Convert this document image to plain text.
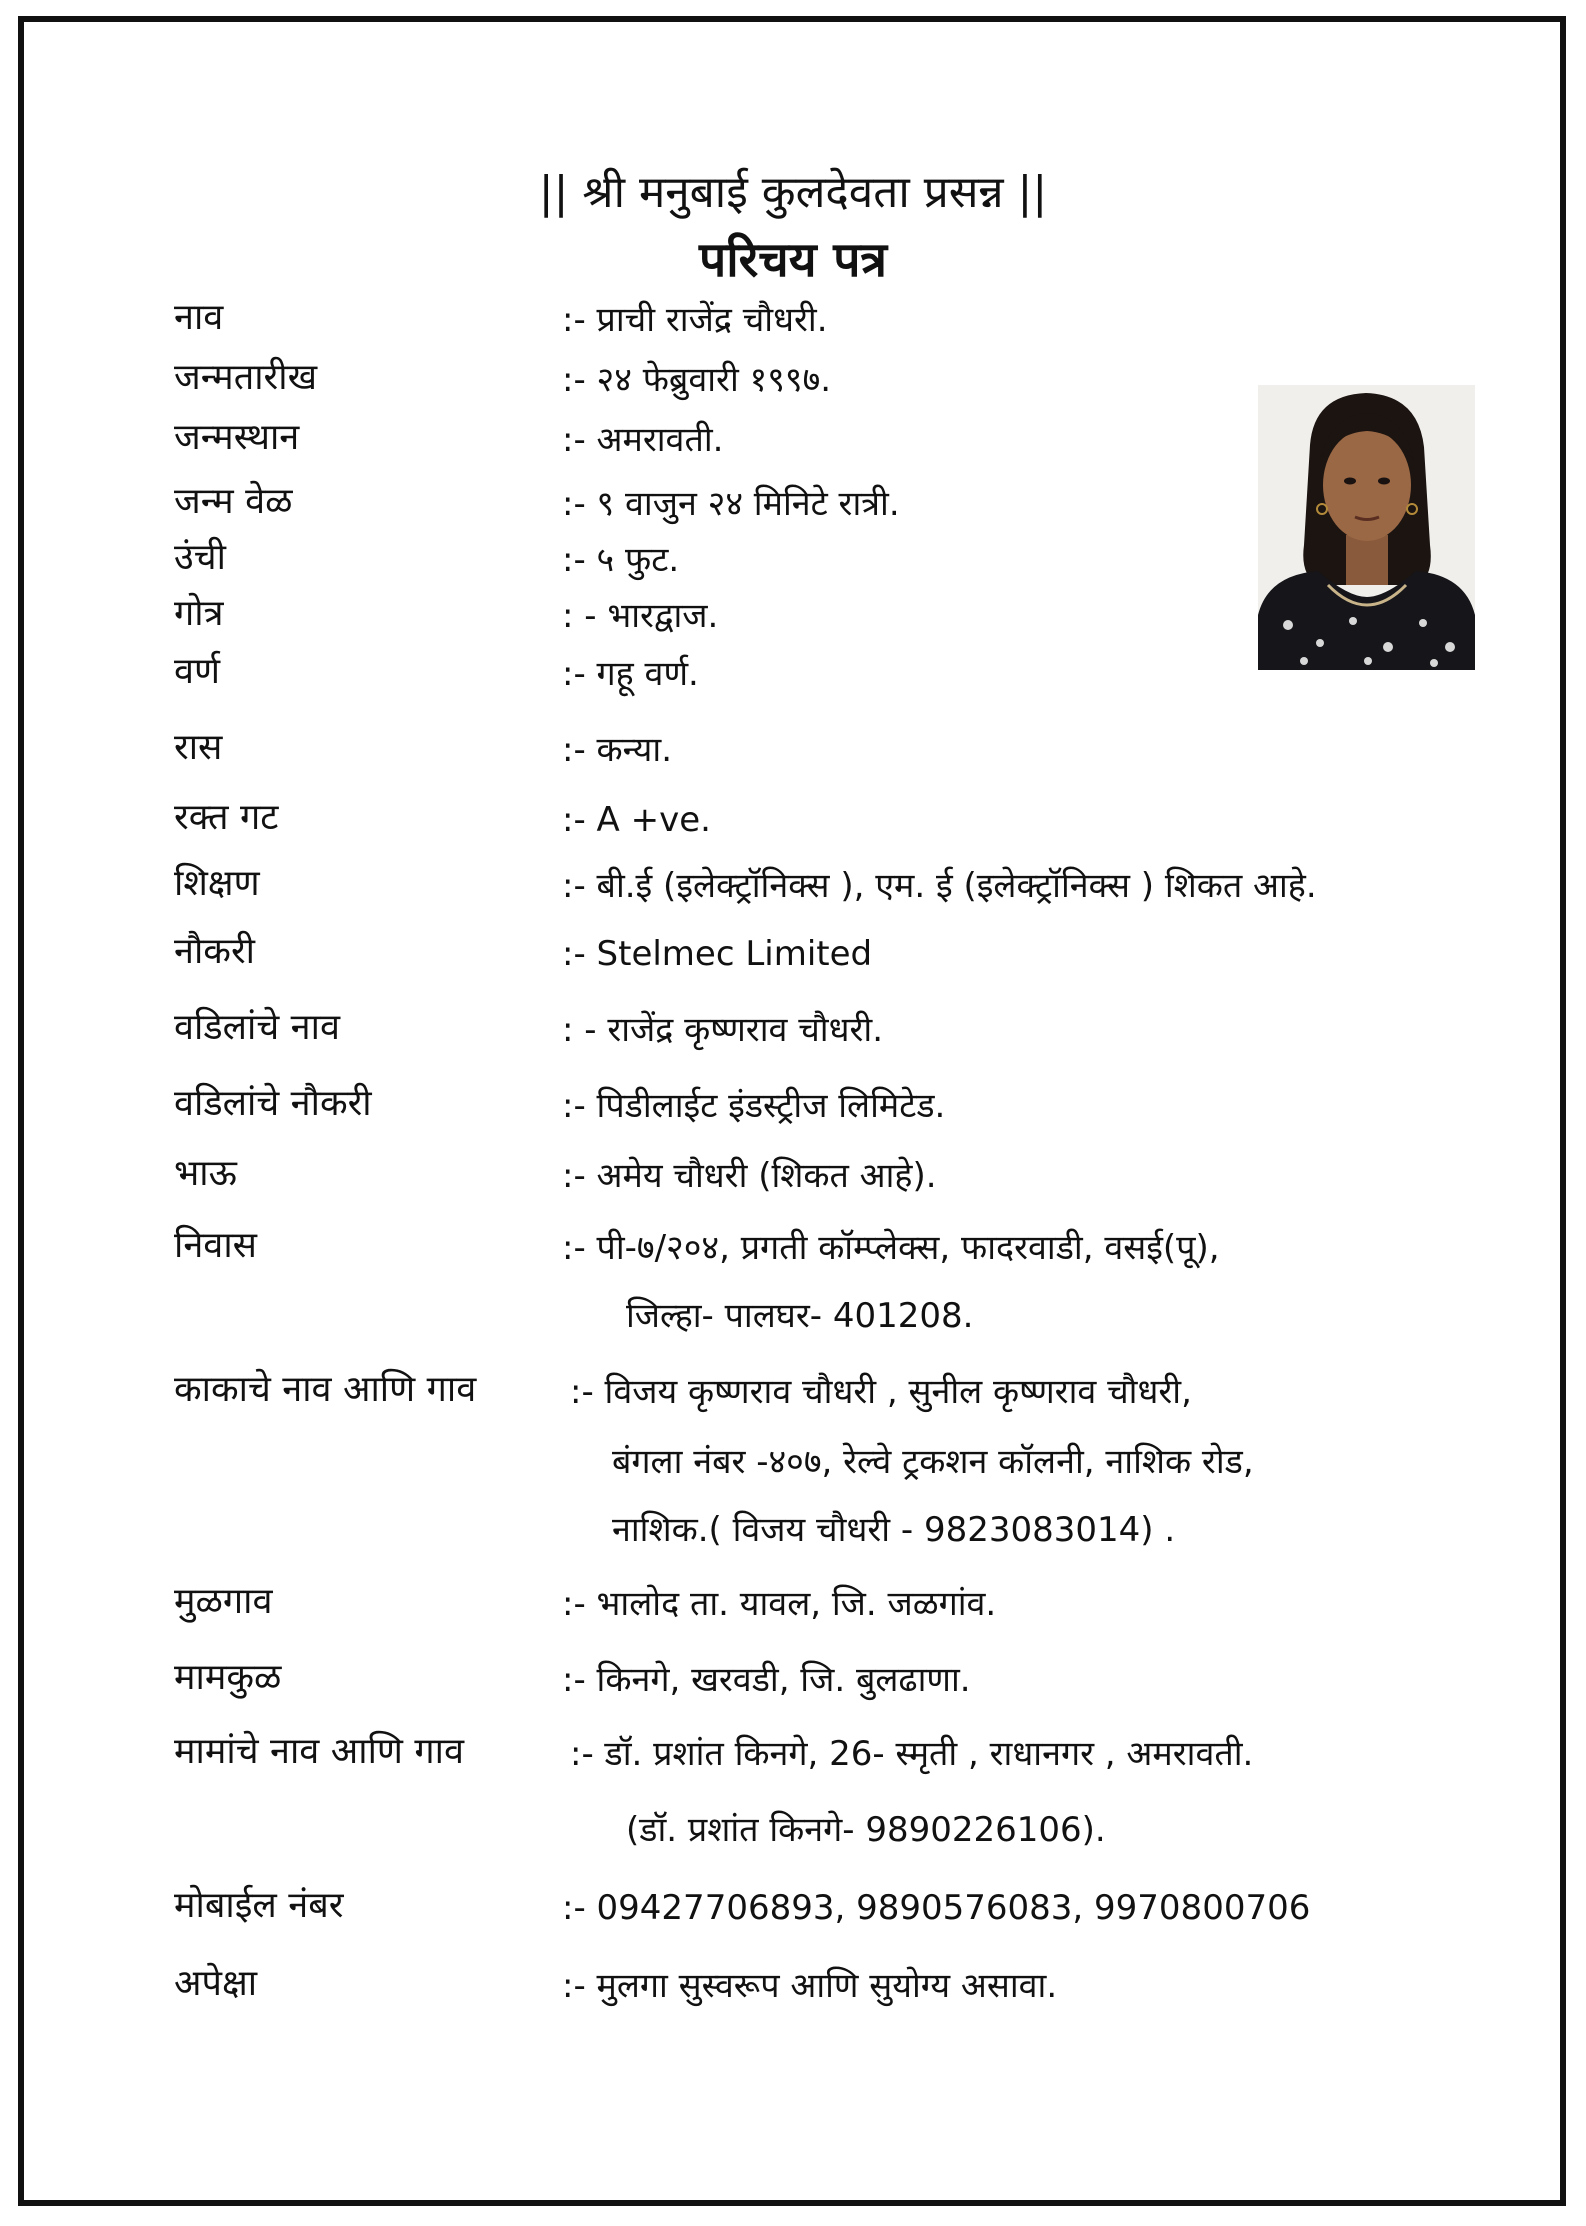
|| श्री मनुबाई कुलदेवता प्रसन्न ||
परिचय पत्र
नाव	:- प्राची राजेंद्र चौधरी.
जन्मतारीख	:- २४ फेब्रुवारी १९९७.
जन्मस्थान	:- अमरावती.
जन्म वेळ	:- ९ वाजुन २४ मिनिटे रात्री.
उंची	:- ५ फुट.
गोत्र	: - भारद्वाज.
वर्ण	:- गहू वर्ण.
रास	:- कन्या.
रक्त गट	:- A +ve.
शिक्षण	:- बी.ई (इलेक्ट्रॉनिक्स ), एम. ई (इलेक्ट्रॉनिक्स ) शिकत आहे.
नौकरी	:- Stelmec Limited
वडिलांचे नाव	: - राजेंद्र कृष्णराव चौधरी.
वडिलांचे नौकरी	:- पिडीलाईट इंडस्ट्रीज लिमिटेड.
भाऊ	:- अमेय चौधरी (शिकत आहे).
निवास	:- पी-७/२०४, प्रगती कॉम्प्लेक्स, फादरवाडी, वसई(पू),
जिल्हा- पालघर- 401208.
काकाचे नाव आणि गाव	:- विजय कृष्णराव चौधरी , सुनील कृष्णराव चौधरी,
बंगला नंबर -४०७, रेल्वे ट्रकशन कॉलनी, नाशिक रोड,
नाशिक.( विजय चौधरी - 9823083014) .
मुळगाव	:- भालोद ता. यावल, जि. जळगांव.
मामकुळ	:- किनगे, खरवडी, जि. बुलढाणा.
मामांचे नाव आणि गाव	:- डॉ. प्रशांत किनगे, 26- स्मृती , राधानगर , अमरावती.
(डॉ. प्रशांत किनगे- 9890226106).
मोबाईल नंबर	:- 09427706893, 9890576083, 9970800706
अपेक्षा	:- मुलगा सुस्वरूप आणि सुयोग्य असावा.
